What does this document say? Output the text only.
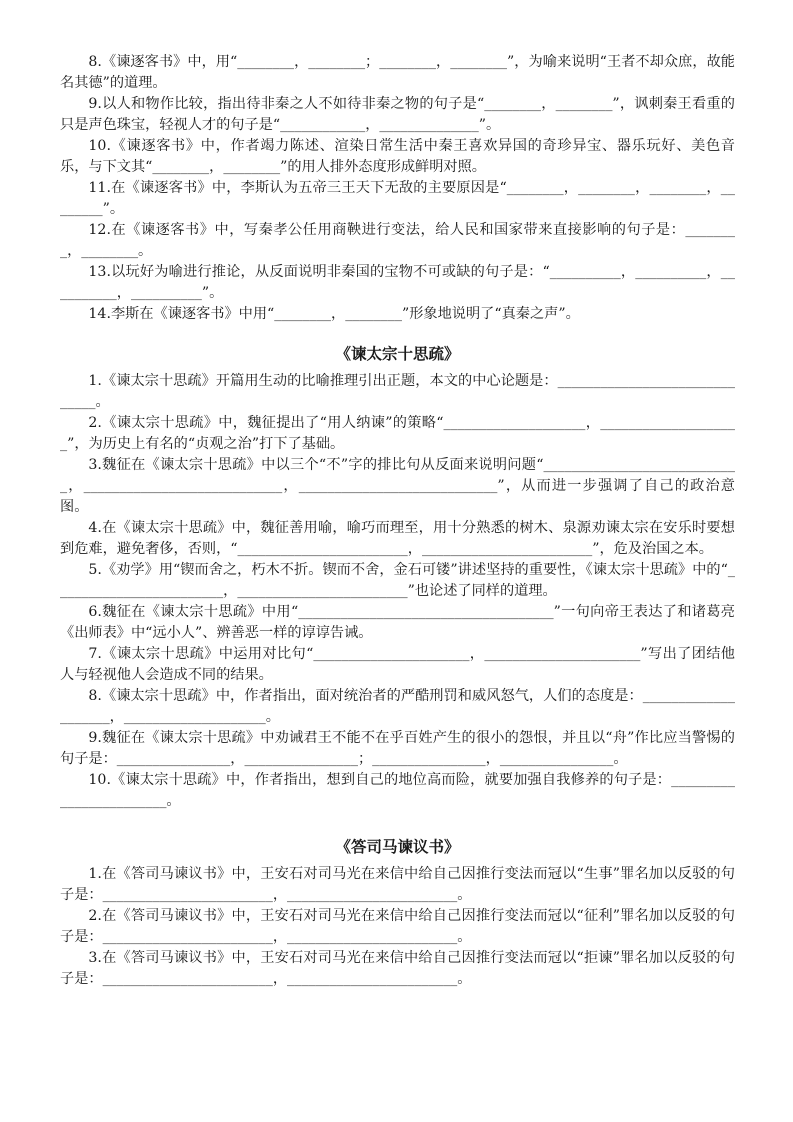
8.《谏逐客书》中，用“________，________；________，________”，为喻来说明“王者不却众庶，故能名其德”的道理。

9.以人和物作比较，指出待非秦之人不如待非秦之物的句子是“________，________”，讽刺秦王看重的只是声色珠宝，轻视人才的句子是“____________，______________”。

10.《谏逐客书》中，作者竭力陈述、渲染日常生活中秦王喜欢异国的奇珍异宝、器乐玩好、美色音乐，与下文其“________，________”的用人排外态度形成鲜明对照。

11.在《谏逐客书》中，李斯认为五帝三王天下无敌的主要原因是“________，________，________，________”。

12.在《谏逐客书》中，写秦孝公任用商鞅进行变法，给人民和国家带来直接影响的句子是：________，________。

13.以玩好为喻进行推论，从反面说明非秦国的宝物不可或缺的句子是：“__________，__________，__________，__________”。

14.李斯在《谏逐客书》中用“________，________”形象地说明了“真秦之声”。

《谏太宗十思疏》

1.《谏太宗十思疏》开篇用生动的比喻推理引出正题，本文的中心论题是：______________________________。

2.《谏太宗十思疏》中，魏征提出了“用人纳谏”的策略“____________________，____________________”，为历史上有名的“贞观之治”打下了基础。

3.魏征在《谏太宗十思疏》中以三个“不”字的排比句从反面来说明问题“____________________________，____________________________，____________________________”，从而进一步强调了自己的政治意图。

4.在《谏太宗十思疏》中，魏征善用喻，喻巧而理至，用十分熟悉的树木、泉源劝谏太宗在安乐时要想到危难，避免奢侈，否则，“________________________，________________________”，危及治国之本。

5.《劝学》用“锲而舍之，朽木不折。锲而不舍，金石可镂”讲述坚持的重要性，《谏太宗十思疏》中的“________________________，________________________”也论述了同样的道理。

6.魏征在《谏太宗十思疏》中用“____________________________________”一句向帝王表达了和诸葛亮《出师表》中“远小人”、辨善恶一样的谆谆告诫。

7.《谏太宗十思疏》中运用对比句“______________________，______________________”写出了团结他人与轻视他人会造成不同的结果。

8.《谏太宗十思疏》中，作者指出，面对统治者的严酷刑罚和威风怒气，人们的态度是：____________________，____________________。

9.魏征在《谏太宗十思疏》中劝诫君王不能不在乎百姓产生的很小的怨恨，并且以“舟”作比应当警惕的句子是：________________，________________；________________，________________。

10.《谏太宗十思疏》中，作者指出，想到自己的地位高而险，就要加强自我修养的句子是：________________________。

《答司马谏议书》

1.在《答司马谏议书》中，王安石对司马光在来信中给自己因推行变法而冠以“生事”罪名加以反驳的句子是：________________________，________________________。

2.在《答司马谏议书》中，王安石对司马光在来信中给自己因推行变法而冠以“征利”罪名加以反驳的句子是：________________________，________________________。

3.在《答司马谏议书》中，王安石对司马光在来信中给自己因推行变法而冠以“拒谏”罪名加以反驳的句子是：________________________，________________________。
